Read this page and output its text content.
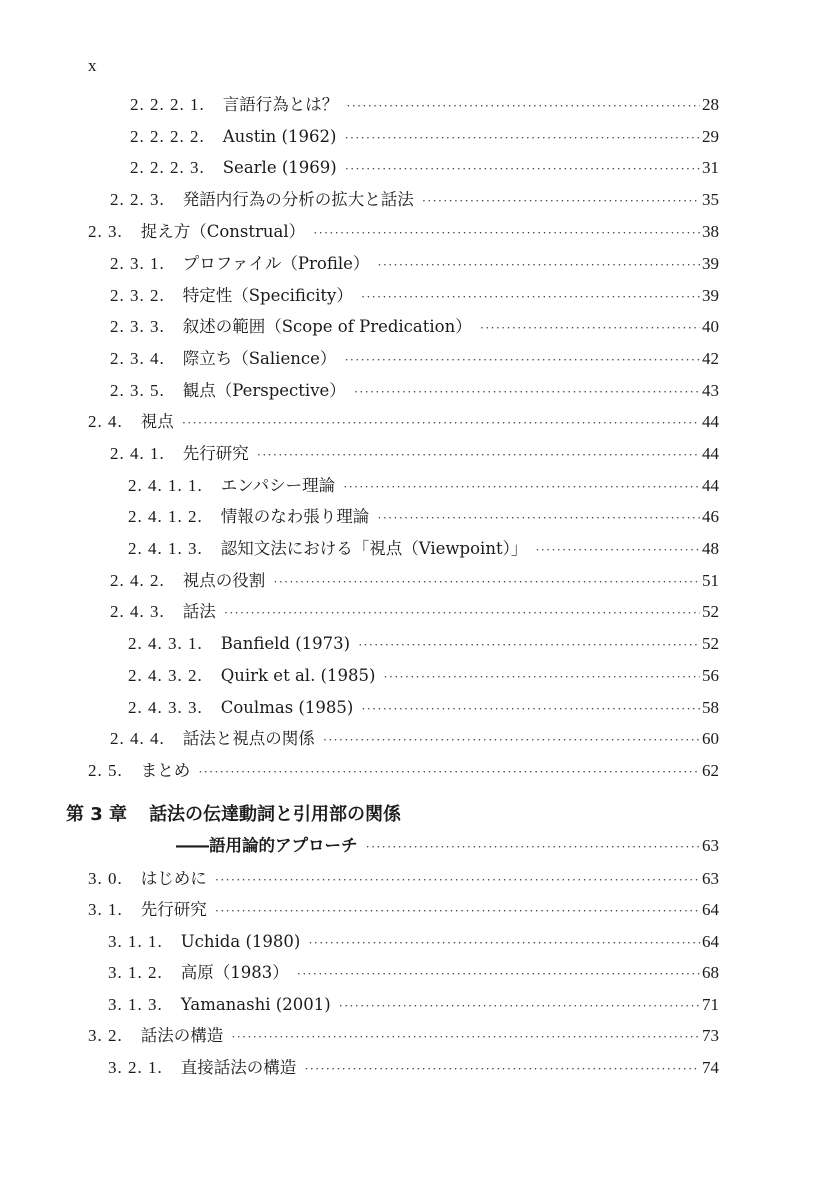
x
2. 2. 2. 1. 言語行為とは？ ·····	28
2. 2. 2. 2. Austin (1962) ·····	29
2. 2. 2. 3. Searle (1969) ·····	31
2. 2. 3. 発語内行為の分析の拡大と話法 ·····	35
2. 3. 捉え方（Construal） ·····	38
2. 3. 1. プロファイル（Profile） ·····	39
2. 3. 2. 特定性（Specificity） ·····	39
2. 3. 3. 叙述の範囲（Scope of Predication） ·····	40
2. 3. 4. 際立ち（Salience） ·····	42
2. 3. 5. 観点（Perspective） ·····	43
2. 4. 視点 ·····	44
2. 4. 1. 先行研究 ·····	44
2. 4. 1. 1. エンパシー理論 ·····	44
2. 4. 1. 2. 情報のなわ張り理論 ·····	46
2. 4. 1. 3. 認知文法における「視点（Viewpoint）」 ·····	48
2. 4. 2. 視点の役割 ·····	51
2. 4. 3. 話法 ·····	52
2. 4. 3. 1. Banfield (1973) ·····	52
2. 4. 3. 2. Quirk et al. (1985) ·····	56
2. 4. 3. 3. Coulmas (1985) ·····	58
2. 4. 4. 話法と視点の関係 ·····	60
2. 5. まとめ ·····	62
第 3 章 話法の伝達動詞と引用部の関係
――語用論的アプローチ ·····	63
3. 0. はじめに ·····	63
3. 1. 先行研究 ·····	64
3. 1. 1. Uchida (1980) ·····	64
3. 1. 2. 高原（1983） ·····	68
3. 1. 3. Yamanashi (2001) ·····	71
3. 2. 話法の構造 ·····	73
3. 2. 1. 直接話法の構造 ·····	74
